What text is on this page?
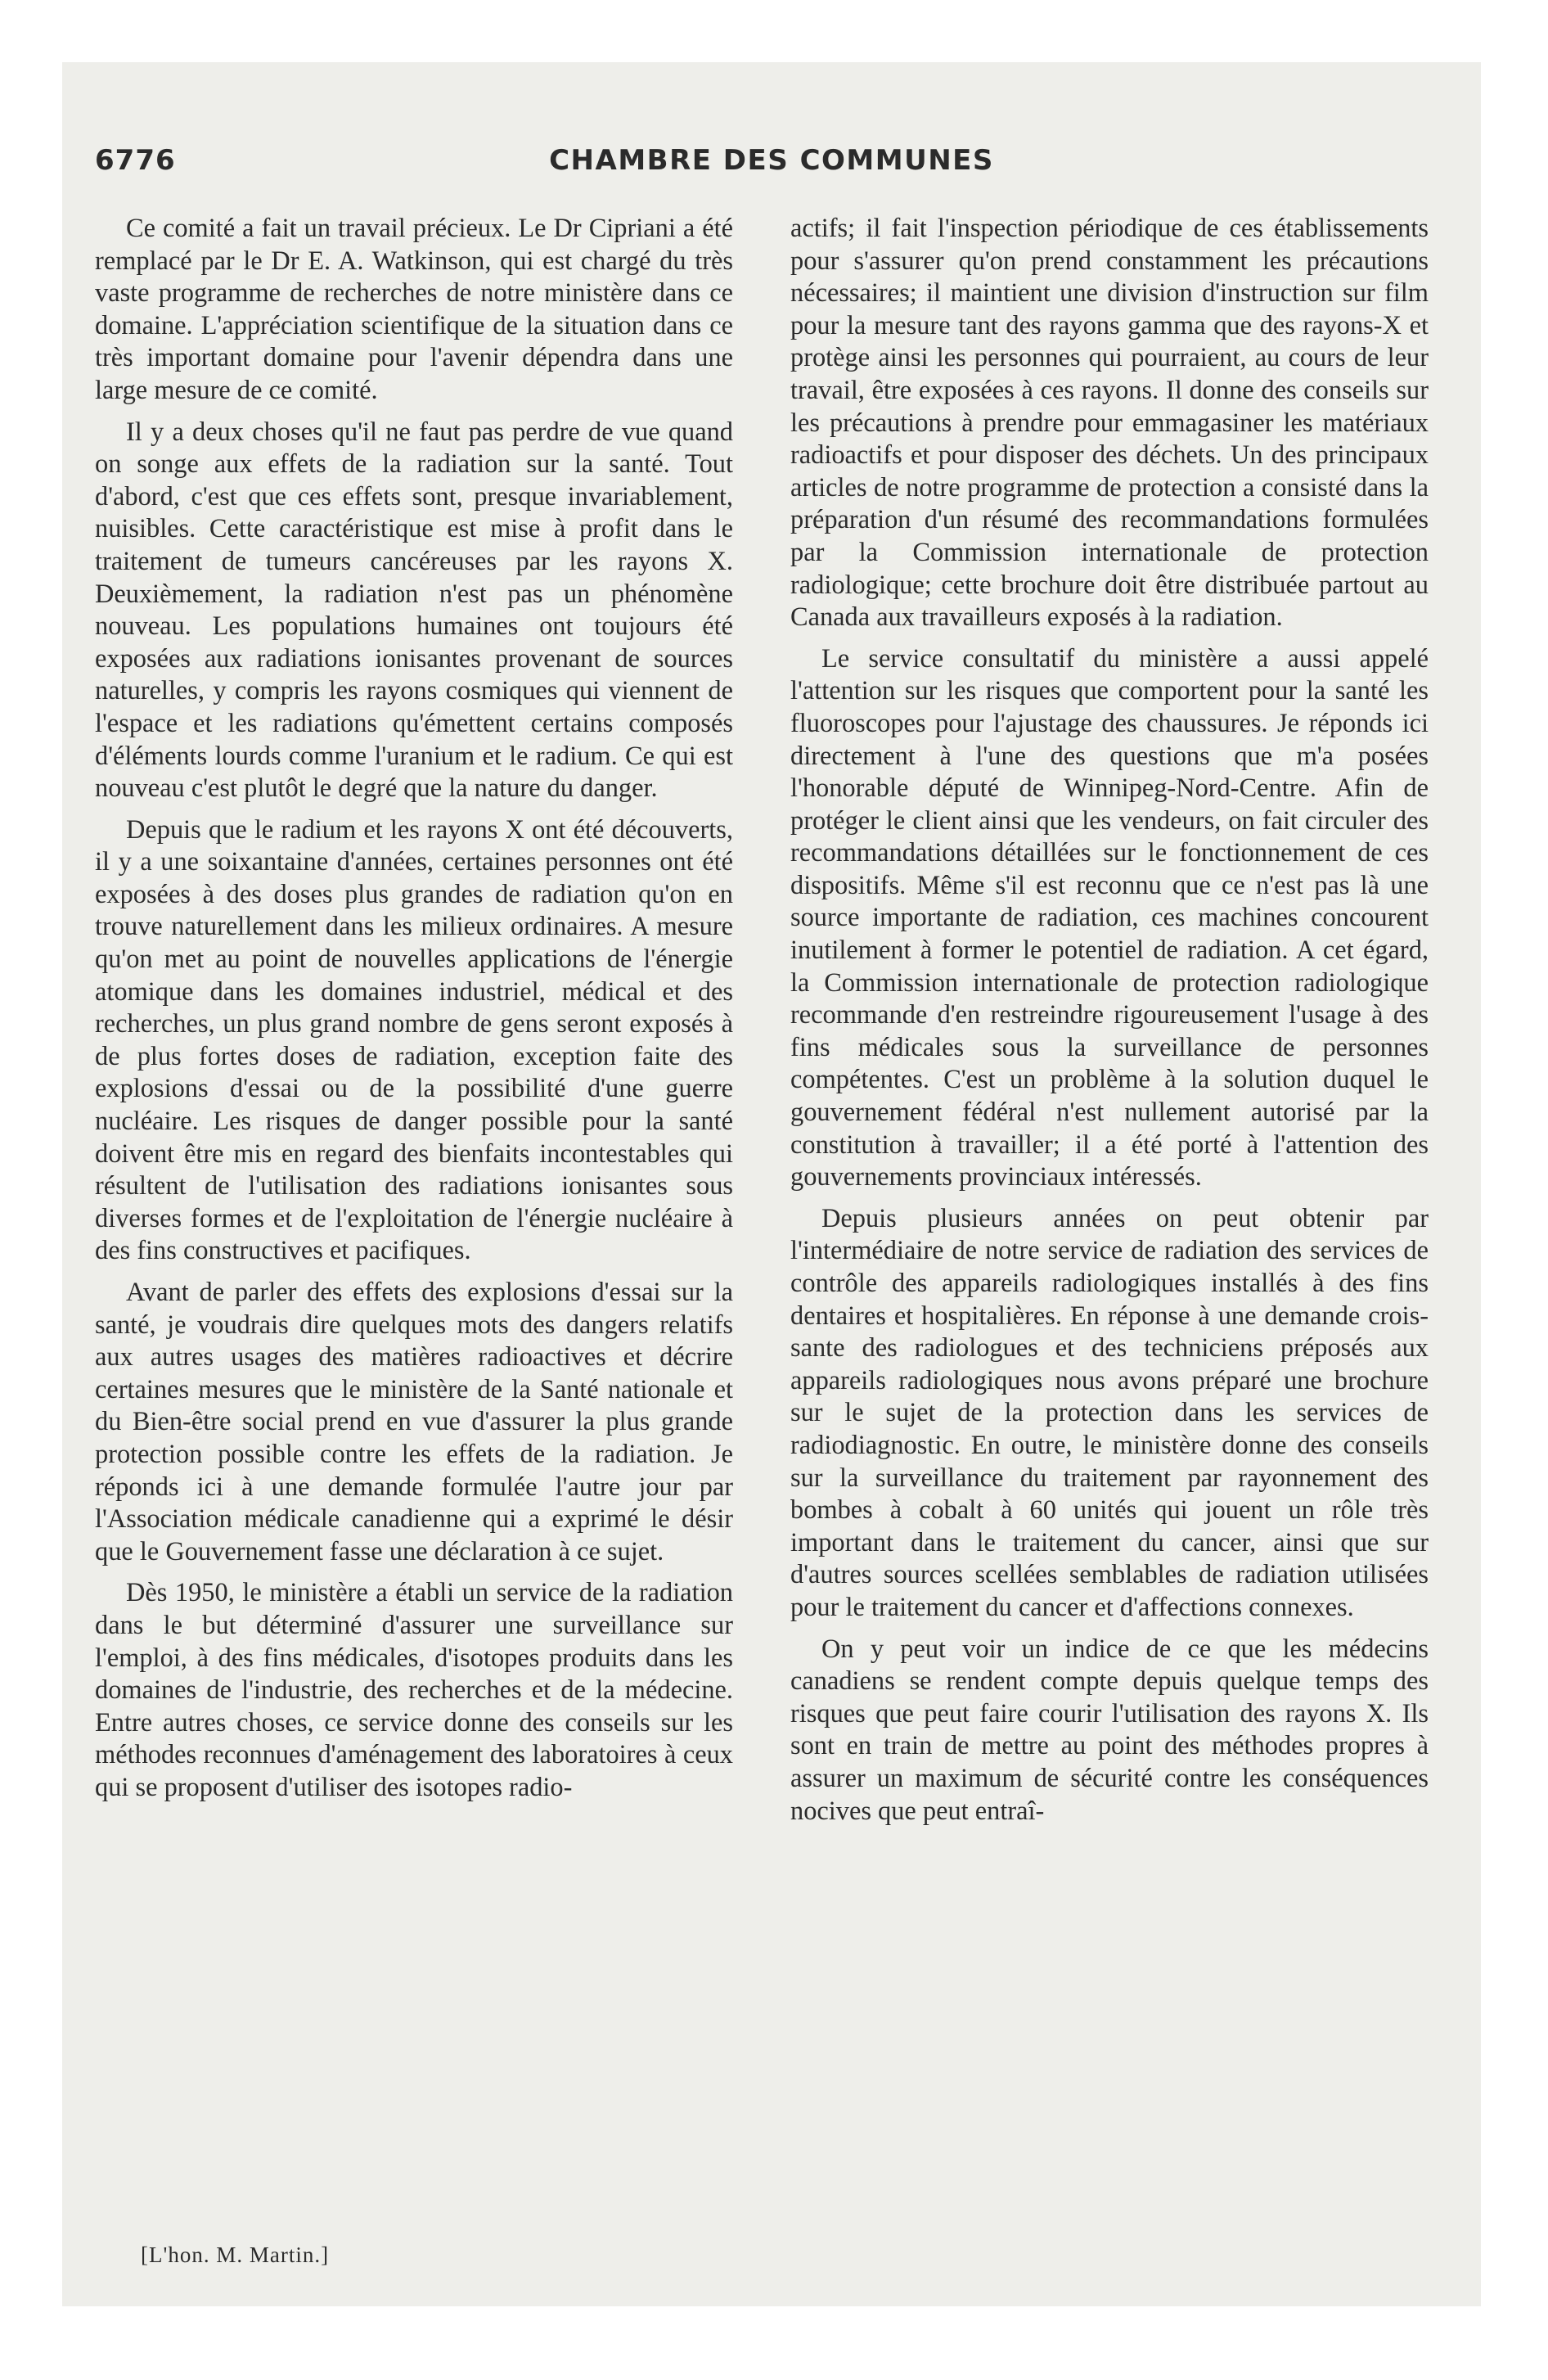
6776	CHAMBRE DES COMMUNES

Ce comité a fait un travail précieux. Le Dr Cipriani a été remplacé par le Dr E. A. Watkinson, qui est chargé du très vaste programme de recherches de notre ministère dans ce domaine. L'appréciation scientifique de la situation dans ce très important domaine pour l'avenir dépendra dans une large mesure de ce comité.

Il y a deux choses qu'il ne faut pas perdre de vue quand on songe aux effets de la radiation sur la santé. Tout d'abord, c'est que ces effets sont, presque invariablement, nuisibles. Cette caractéristique est mise à profit dans le traitement de tumeurs cancéreuses par les rayons X. Deuxièmement, la radiation n'est pas un phénomène nouveau. Les populations humaines ont toujours été exposées aux radiations ionisantes provenant de sources naturelles, y compris les rayons cosmiques qui viennent de l'espace et les radiations qu'émettent certains composés d'éléments lourds comme l'uranium et le radium. Ce qui est nouveau c'est plutôt le degré que la nature du danger.

Depuis que le radium et les rayons X ont été découverts, il y a une soixantaine d'années, certaines personnes ont été exposées à des doses plus grandes de radiation qu'on en trouve naturellement dans les milieux ordinaires. A mesure qu'on met au point de nouvelles applications de l'énergie atomique dans les domaines industriel, médical et des recherches, un plus grand nombre de gens seront exposés à de plus fortes doses de radiation, exception faite des explosions d'essai ou de la possibilité d'une guerre nucléaire. Les risques de danger possible pour la santé doivent être mis en regard des bienfaits incontestables qui résultent de l'utilisation des radiations ionisantes sous diverses formes et de l'exploitation de l'énergie nucléaire à des fins constructives et pacifiques.

Avant de parler des effets des explosions d'essai sur la santé, je voudrais dire quelques mots des dangers relatifs aux autres usages des matières radioactives et décrire certaines mesures que le ministère de la Santé nationale et du Bien-être social prend en vue d'assurer la plus grande protection possible contre les effets de la radiation. Je réponds ici à une demande formulée l'autre jour par l'Association médicale canadienne qui a exprimé le désir que le Gouvernement fasse une déclaration à ce sujet.

Dès 1950, le ministère a établi un service de la radiation dans le but déterminé d'assurer une surveillance sur l'emploi, à des fins médicales, d'isotopes produits dans les domaines de l'industrie, des recherches et de la médecine. Entre autres choses, ce service donne des conseils sur les méthodes reconnues d'aménagement des laboratoires à ceux qui se proposent d'utiliser des isotopes radio-

actifs; il fait l'inspection périodique de ces établissements pour s'assurer qu'on prend constamment les précautions nécessaires; il maintient une division d'instruction sur film pour la mesure tant des rayons gamma que des rayons-X et protège ainsi les personnes qui pourraient, au cours de leur travail, être exposées à ces rayons. Il donne des conseils sur les précautions à prendre pour emmagasiner les matériaux radioactifs et pour disposer des déchets. Un des principaux articles de notre programme de protection a consisté dans la préparation d'un résumé des recommandations formulées par la Commission internationale de protection radiologique; cette brochure doit être distribuée partout au Canada aux travailleurs exposés à la radiation.

Le service consultatif du ministère a aussi appelé l'attention sur les risques que comportent pour la santé les fluoroscopes pour l'ajustage des chaussures. Je réponds ici directement à l'une des questions que m'a posées l'honorable député de Winnipeg-Nord-Centre. Afin de protéger le client ainsi que les vendeurs, on fait circuler des recommandations détaillées sur le fonctionnement de ces dispositifs. Même s'il est reconnu que ce n'est pas là une source importante de radiation, ces machines concourent inutilement à former le potentiel de radiation. A cet égard, la Commission internationale de protection radiologique recommande d'en restreindre rigoureusement l'usage à des fins médicales sous la surveillance de personnes compétentes. C'est un problème à la solution duquel le gouvernement fédéral n'est nullement autorisé par la constitution à travailler; il a été porté à l'attention des gouvernements provinciaux intéressés.

Depuis plusieurs années on peut obtenir par l'intermédiaire de notre service de radiation des services de contrôle des appareils radiologiques installés à des fins dentaires et hospitalières. En réponse à une demande croissante des radiologues et des techniciens préposés aux appareils radiologiques nous avons préparé une brochure sur le sujet de la protection dans les services de radiodiagnostic. En outre, le ministère donne des conseils sur la surveillance du traitement par rayonnement des bombes à cobalt à 60 unités qui jouent un rôle très important dans le traitement du cancer, ainsi que sur d'autres sources scellées semblables de radiation utilisées pour le traitement du cancer et d'affections connexes.

On y peut voir un indice de ce que les médecins canadiens se rendent compte depuis quelque temps des risques que peut faire courir l'utilisation des rayons X. Ils sont en train de mettre au point des méthodes propres à assurer un maximum de sécurité contre les conséquences nocives que peut entraî-

[L'hon. M. Martin.]
